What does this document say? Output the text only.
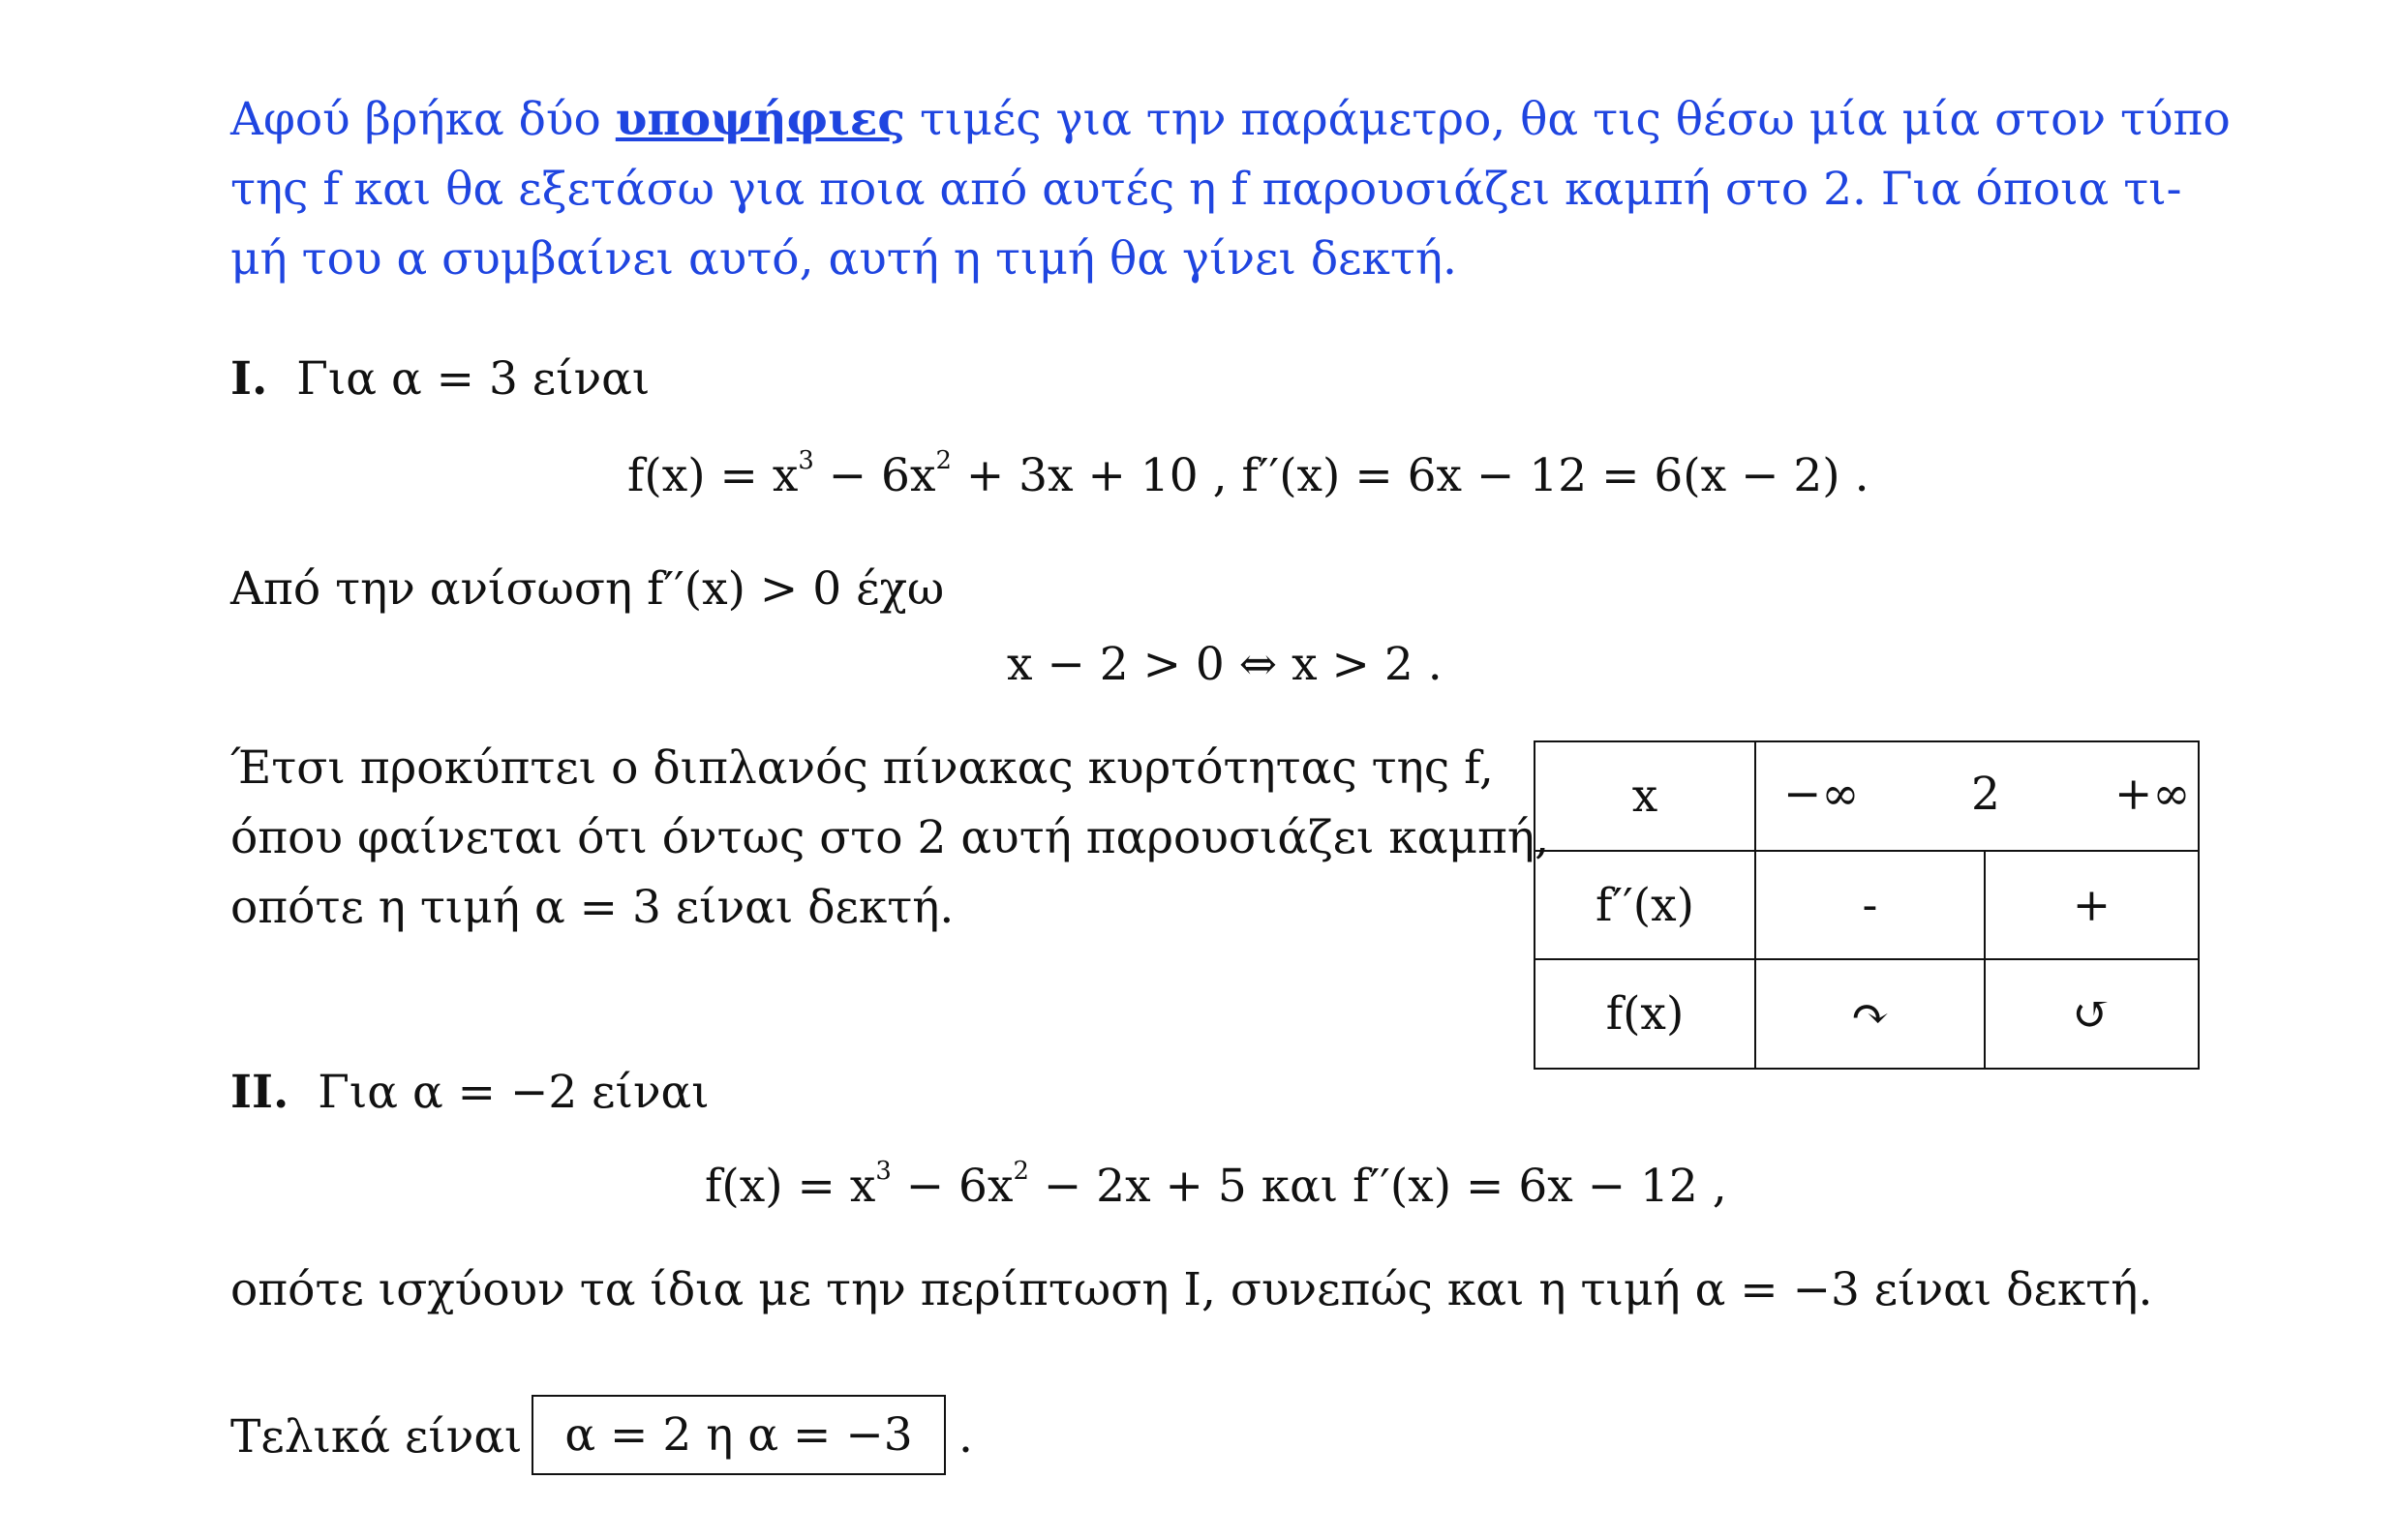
Αφού βρήκα δύο υποψήφιες τιμές για την παράμετρο, θα τις θέσω μία μία στον τύπο
της f και θα εξετάσω για ποια από αυτές η f παρουσιάζει καμπή στο 2. Για όποια τι-
μή του α συμβαίνει αυτό, αυτή η τιμή θα γίνει δεκτή.
I. Για α = 3 είναι
$f(x) = x^3 - 6x^2 + 3x + 10$ , f′′(x) = 6x − 12 = 6(x − 2) .
Από την ανίσωση f′′(x) > 0 έχω
x − 2 > 0 ⇔ x > 2 .
Έτσι προκύπτει ο διπλανός πίνακας κυρτότητας της f,
όπου φαίνεται ότι όντως στο 2 αυτή παρουσιάζει καμπή,
οπότε η τιμή α = 3 είναι δεκτή.
x	−∞ 2 +∞	

f′′(x)	-	+
f(x)	↷	↺
II. Για α = −2 είναι
$f(x) = x^3 - 6x^2 - 2x + 5$ και f′′(x) = 6x − 12 ,
οπότε ισχύουν τα ίδια με την περίπτωση I, συνεπώς και η τιμή α = −3 είναι δεκτή.
Τελικά είναι α = 2 η α = −3 .
